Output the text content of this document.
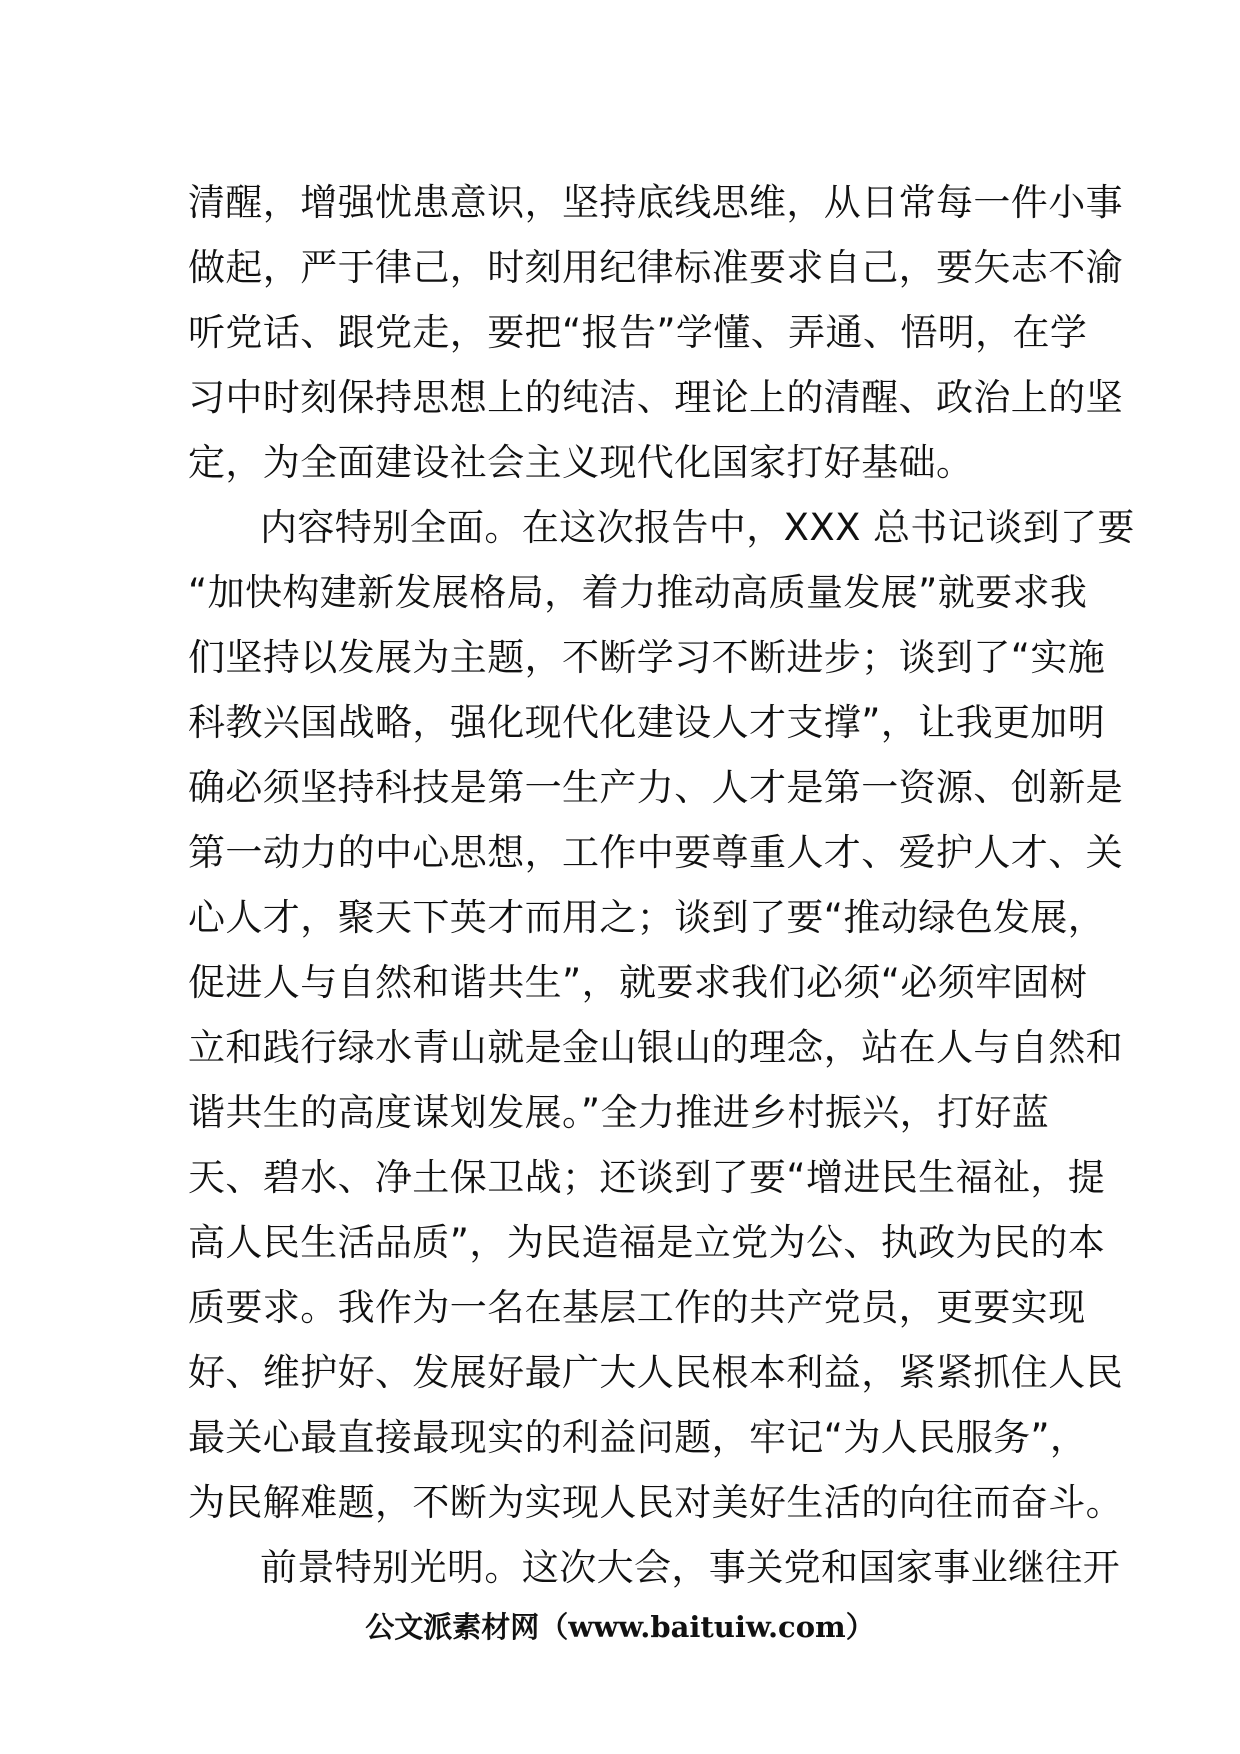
清醒，增强忧患意识，坚持底线思维，从日常每一件小事
做起，严于律己，时刻用纪律标准要求自己，要矢志不渝
听党话、跟党走，要把“报告”学懂、弄通、悟明，在学
习中时刻保持思想上的纯洁、理论上的清醒、政治上的坚
定，为全面建设社会主义现代化国家打好基础。
内容特别全面。在这次报告中，XXX 总书记谈到了要
“加快构建新发展格局，着力推动高质量发展”就要求我
们坚持以发展为主题，不断学习不断进步；谈到了“实施
科教兴国战略，强化现代化建设人才支撑”，让我更加明
确必须坚持科技是第一生产力、人才是第一资源、创新是
第一动力的中心思想，工作中要尊重人才、爱护人才、关
心人才，聚天下英才而用之；谈到了要“推动绿色发展，
促进人与自然和谐共生”，就要求我们必须“必须牢固树
立和践行绿水青山就是金山银山的理念，站在人与自然和
谐共生的高度谋划发展。”全力推进乡村振兴，打好蓝
天、碧水、净土保卫战；还谈到了要“增进民生福祉，提
高人民生活品质”，为民造福是立党为公、执政为民的本
质要求。我作为一名在基层工作的共产党员，更要实现
好、维护好、发展好最广大人民根本利益，紧紧抓住人民
最关心最直接最现实的利益问题，牢记“为人民服务”，
为民解难题，不断为实现人民对美好生活的向往而奋斗。
前景特别光明。这次大会，事关党和国家事业继往开
公文派素材网（www.baituiw.com）
